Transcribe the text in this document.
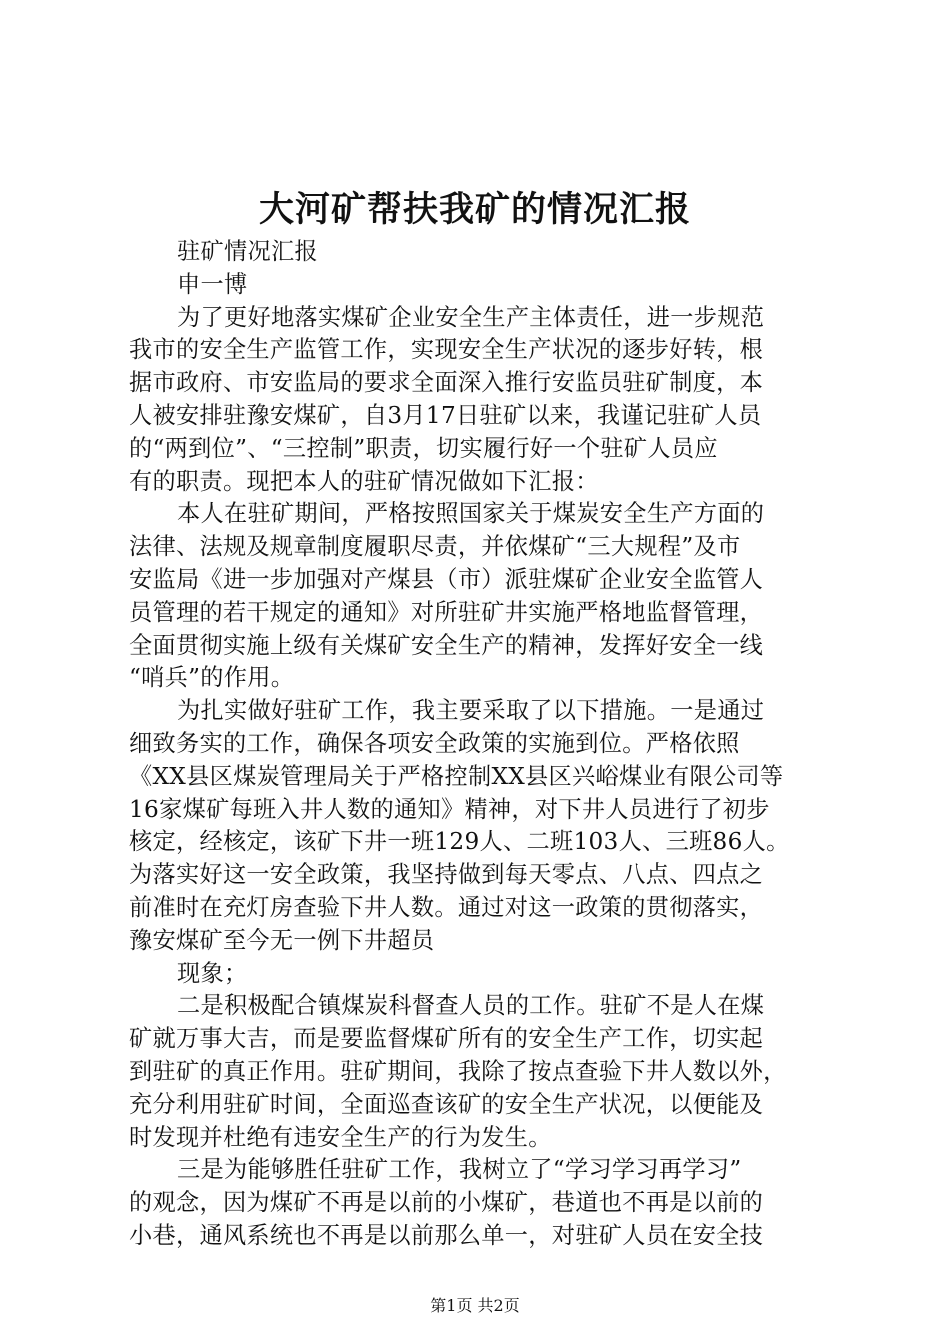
大河矿帮扶我矿的情况汇报
驻矿情况汇报
申一博
为了更好地落实煤矿企业安全生产主体责任，进一步规范
我市的安全生产监管工作，实现安全生产状况的逐步好转，根
据市政府、市安监局的要求全面深入推行安监员驻矿制度，本
人被安排驻豫安煤矿，自3月17日驻矿以来，我谨记驻矿人员
的“两到位”、“三控制”职责，切实履行好一个驻矿人员应
有的职责。现把本人的驻矿情况做如下汇报：
本人在驻矿期间，严格按照国家关于煤炭安全生产方面的
法律、法规及规章制度履职尽责，并依煤矿“三大规程”及市
安监局《进一步加强对产煤县（市）派驻煤矿企业安全监管人
员管理的若干规定的通知》对所驻矿井实施严格地监督管理，
全面贯彻实施上级有关煤矿安全生产的精神，发挥好安全一线
“哨兵”的作用。
为扎实做好驻矿工作，我主要采取了以下措施。一是通过
细致务实的工作，确保各项安全政策的实施到位。严格依照
《XX县区煤炭管理局关于严格控制XX县区兴峪煤业有限公司等
16家煤矿每班入井人数的通知》精神，对下井人员进行了初步
核定，经核定，该矿下井一班129人、二班103人、三班86人。
为落实好这一安全政策，我坚持做到每天零点、八点、四点之
前准时在充灯房查验下井人数。通过对这一政策的贯彻落实，
豫安煤矿至今无一例下井超员
现象；
二是积极配合镇煤炭科督查人员的工作。驻矿不是人在煤
矿就万事大吉，而是要监督煤矿所有的安全生产工作，切实起
到驻矿的真正作用。驻矿期间，我除了按点查验下井人数以外，
充分利用驻矿时间，全面巡查该矿的安全生产状况，以便能及
时发现并杜绝有违安全生产的行为发生。
三是为能够胜任驻矿工作，我树立了“学习学习再学习”
的观念，因为煤矿不再是以前的小煤矿，巷道也不再是以前的
小巷，通风系统也不再是以前那么单一，对驻矿人员在安全技
第1页 共2页
